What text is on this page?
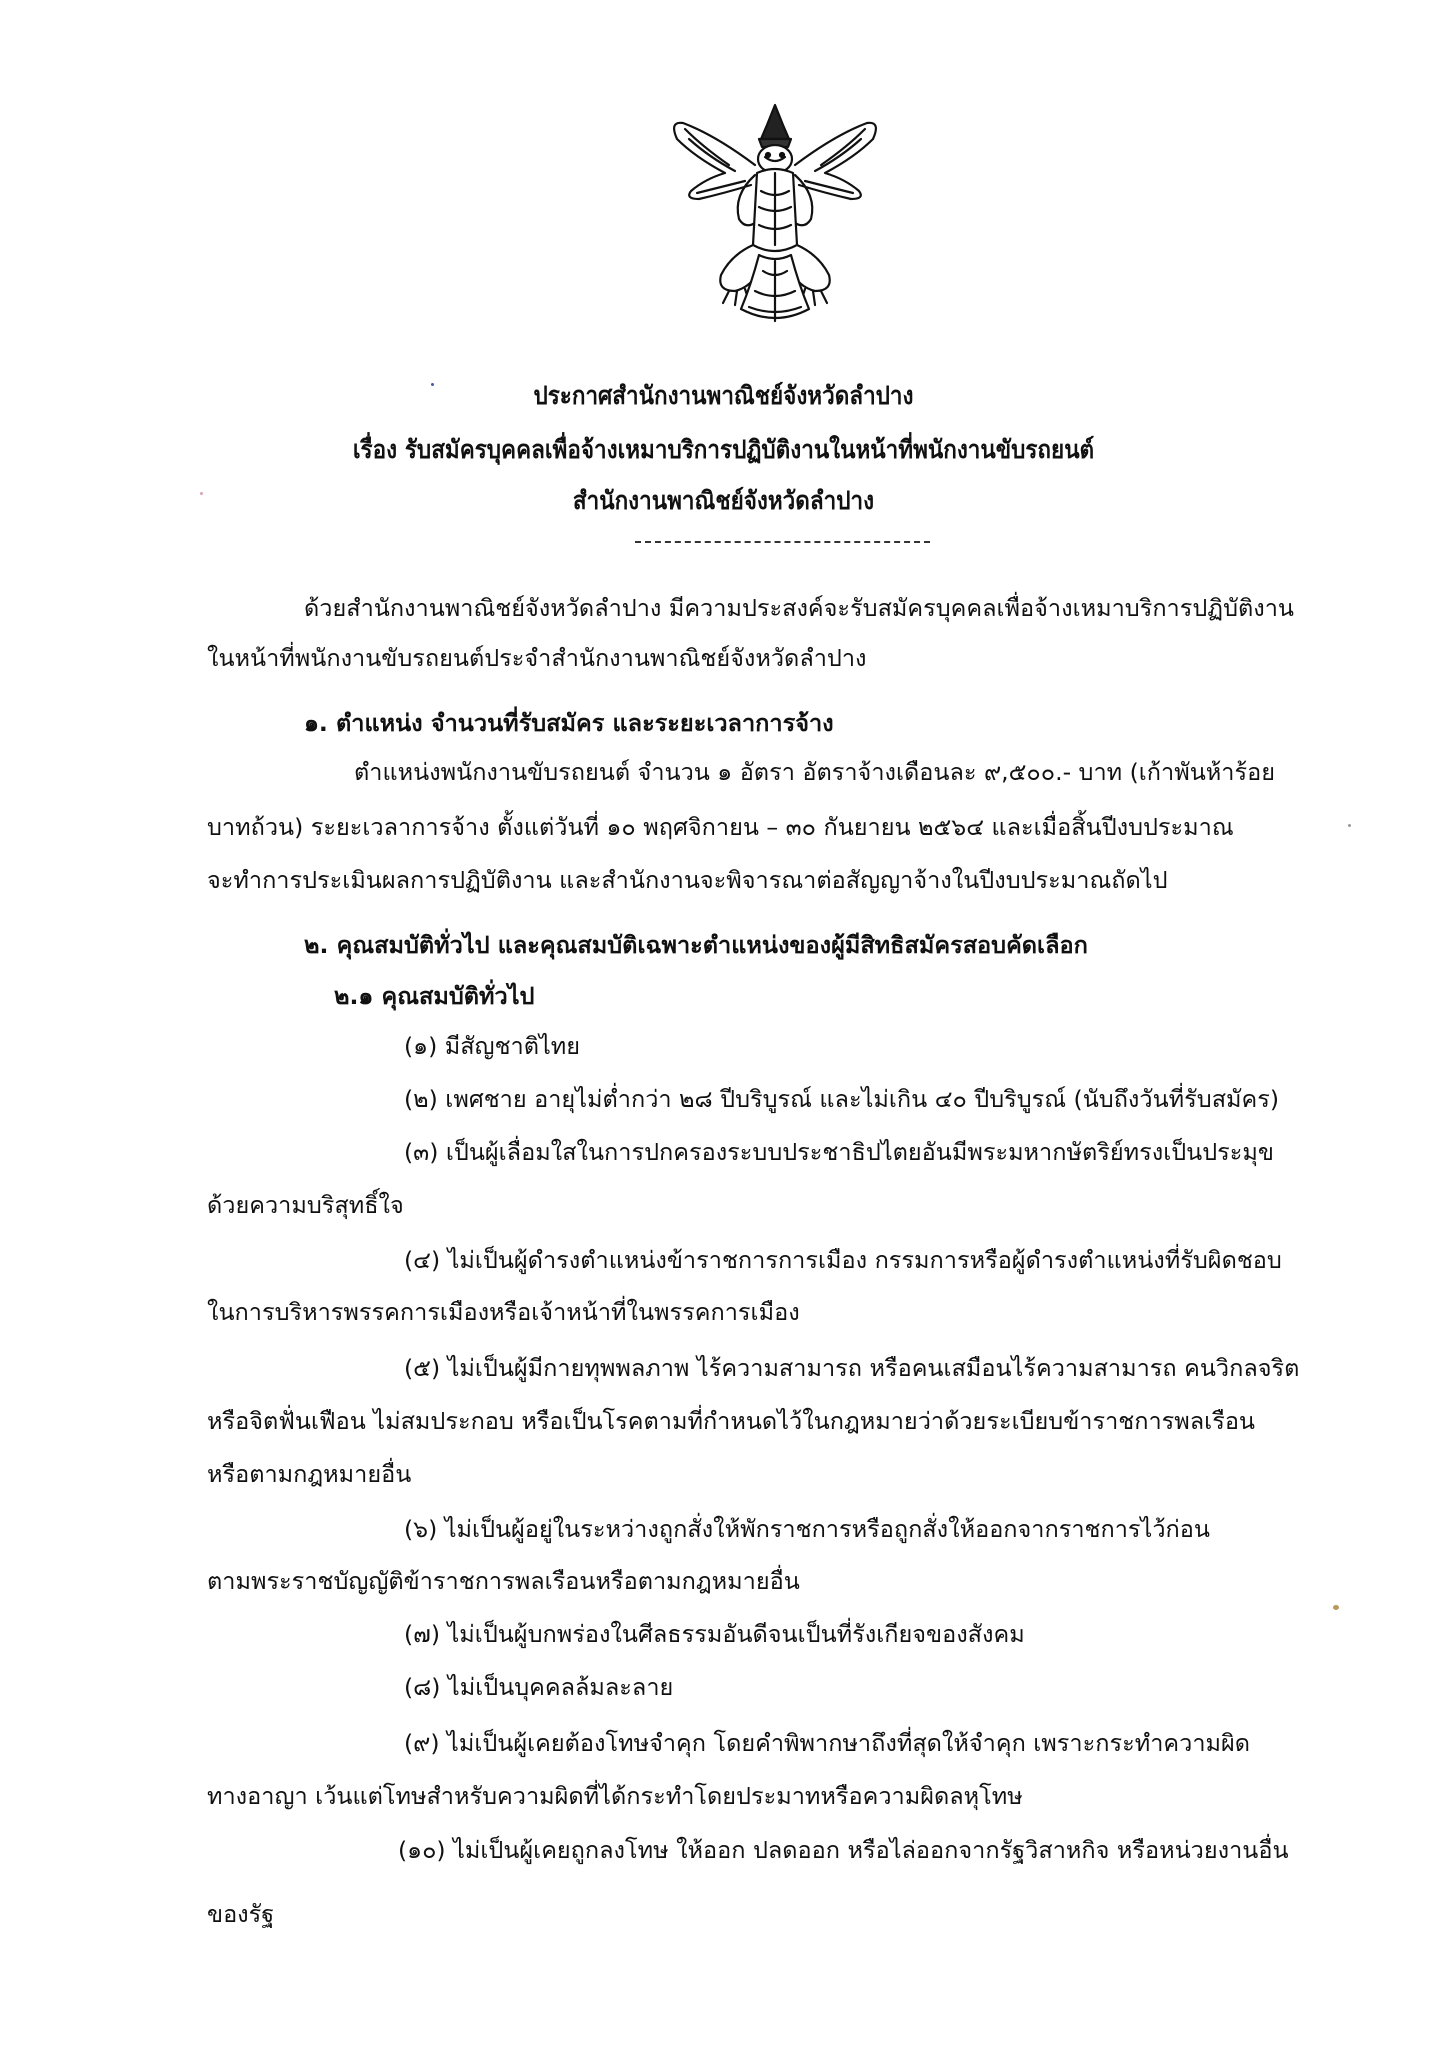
ประกาศสำนักงานพาณิชย์จังหวัดลำปาง
เรื่อง รับสมัครบุคคลเพื่อจ้างเหมาบริการปฏิบัติงานในหน้าที่พนักงานขับรถยนต์
สำนักงานพาณิชย์จังหวัดลำปาง
ด้วยสำนักงานพาณิชย์จังหวัดลำปาง มีความประสงค์จะรับสมัครบุคคลเพื่อจ้างเหมาบริการปฏิบัติงาน
ในหน้าที่พนักงานขับรถยนต์ประจำสำนักงานพาณิชย์จังหวัดลำปาง
๑. ตำแหน่ง จำนวนที่รับสมัคร และระยะเวลาการจ้าง
ตำแหน่งพนักงานขับรถยนต์ จำนวน ๑ อัตรา อัตราจ้างเดือนละ ๙,๕๐๐.- บาท (เก้าพันห้าร้อย
บาทถ้วน) ระยะเวลาการจ้าง ตั้งแต่วันที่ ๑๐ พฤศจิกายน – ๓๐ กันยายน ๒๕๖๔ และเมื่อสิ้นปีงบประมาณ
จะทำการประเมินผลการปฏิบัติงาน และสำนักงานจะพิจารณาต่อสัญญาจ้างในปีงบประมาณถัดไป
๒. คุณสมบัติทั่วไป และคุณสมบัติเฉพาะตำแหน่งของผู้มีสิทธิสมัครสอบคัดเลือก
๒.๑ คุณสมบัติทั่วไป
(๑) มีสัญชาติไทย
(๒) เพศชาย อายุไม่ต่ำกว่า ๒๘ ปีบริบูรณ์ และไม่เกิน ๔๐ ปีบริบูรณ์ (นับถึงวันที่รับสมัคร)
(๓) เป็นผู้เลื่อมใสในการปกครองระบบประชาธิปไตยอันมีพระมหากษัตริย์ทรงเป็นประมุข
ด้วยความบริสุทธิ์ใจ
(๔) ไม่เป็นผู้ดำรงตำแหน่งข้าราชการการเมือง กรรมการหรือผู้ดำรงตำแหน่งที่รับผิดชอบ
ในการบริหารพรรคการเมืองหรือเจ้าหน้าที่ในพรรคการเมือง
(๕) ไม่เป็นผู้มีกายทุพพลภาพ ไร้ความสามารถ หรือคนเสมือนไร้ความสามารถ คนวิกลจริต
หรือจิตฟั่นเฟือน ไม่สมประกอบ หรือเป็นโรคตามที่กำหนดไว้ในกฎหมายว่าด้วยระเบียบข้าราชการพลเรือน
หรือตามกฎหมายอื่น
(๖) ไม่เป็นผู้อยู่ในระหว่างถูกสั่งให้พักราชการหรือถูกสั่งให้ออกจากราชการไว้ก่อน
ตามพระราชบัญญัติข้าราชการพลเรือนหรือตามกฎหมายอื่น
(๗) ไม่เป็นผู้บกพร่องในศีลธรรมอันดีจนเป็นที่รังเกียจของสังคม
(๘) ไม่เป็นบุคคลล้มละลาย
(๙) ไม่เป็นผู้เคยต้องโทษจำคุก โดยคำพิพากษาถึงที่สุดให้จำคุก เพราะกระทำความผิด
ทางอาญา เว้นแต่โทษสำหรับความผิดที่ได้กระทำโดยประมาทหรือความผิดลหุโทษ
(๑๐) ไม่เป็นผู้เคยถูกลงโทษ ให้ออก ปลดออก หรือไล่ออกจากรัฐวิสาหกิจ หรือหน่วยงานอื่น
ของรัฐ
